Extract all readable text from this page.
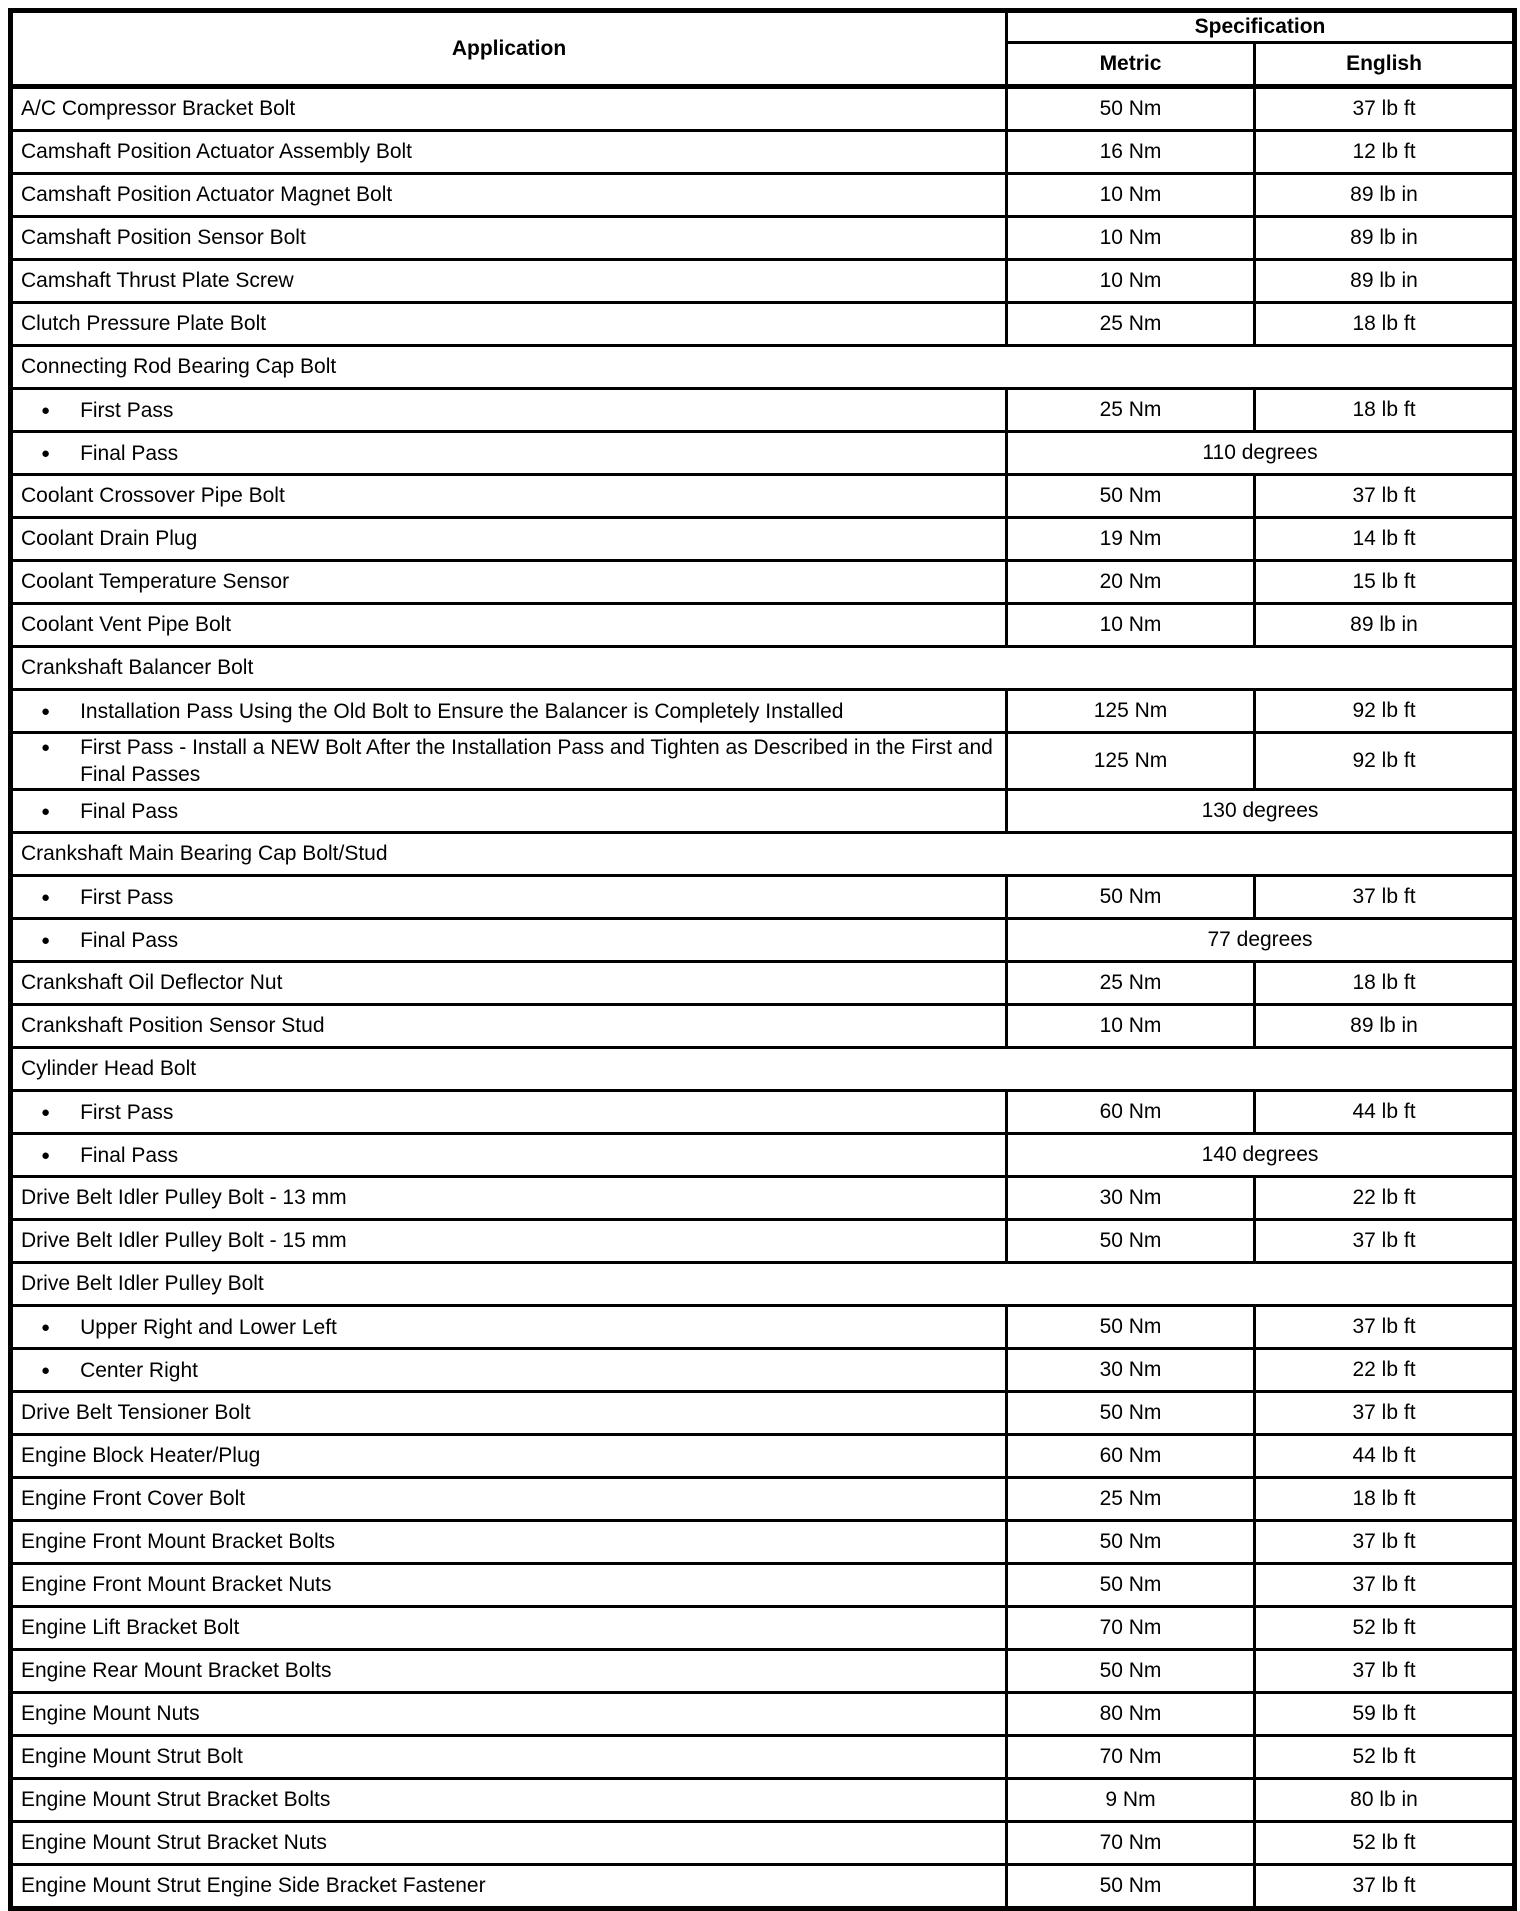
Application	Specification	
	Metric	English
A/C Compressor Bracket Bolt	50 Nm	37 lb ft
Camshaft Position Actuator Assembly Bolt	16 Nm	12 lb ft
Camshaft Position Actuator Magnet Bolt	10 Nm	89 lb in
Camshaft Position Sensor Bolt	10 Nm	89 lb in
Camshaft Thrust Plate Screw	10 Nm	89 lb in
Clutch Pressure Plate Bolt	25 Nm	18 lb ft
Connecting Rod Bearing Cap Bolt		

● First Pass	25 Nm	18 lb ft

● Final Pass	110 degrees	
Coolant Crossover Pipe Bolt	50 Nm	37 lb ft
Coolant Drain Plug	19 Nm	14 lb ft
Coolant Temperature Sensor	20 Nm	15 lb ft
Coolant Vent Pipe Bolt	10 Nm	89 lb in
Crankshaft Balancer Bolt		

● Installation Pass Using the Old Bolt to Ensure the Balancer is Completely Installed	125 Nm	92 lb ft

● First Pass - Install a NEW Bolt After the Installation Pass and Tighten as Described in the First and Final Passes	125 Nm	92 lb ft

● Final Pass	130 degrees	
Crankshaft Main Bearing Cap Bolt/Stud		

● First Pass	50 Nm	37 lb ft

● Final Pass	77 degrees	
Crankshaft Oil Deflector Nut	25 Nm	18 lb ft
Crankshaft Position Sensor Stud	10 Nm	89 lb in
Cylinder Head Bolt		

● First Pass	60 Nm	44 lb ft

● Final Pass	140 degrees	
Drive Belt Idler Pulley Bolt - 13 mm	30 Nm	22 lb ft
Drive Belt Idler Pulley Bolt - 15 mm	50 Nm	37 lb ft
Drive Belt Idler Pulley Bolt		

● Upper Right and Lower Left	50 Nm	37 lb ft

● Center Right	30 Nm	22 lb ft
Drive Belt Tensioner Bolt	50 Nm	37 lb ft
Engine Block Heater/Plug	60 Nm	44 lb ft
Engine Front Cover Bolt	25 Nm	18 lb ft
Engine Front Mount Bracket Bolts	50 Nm	37 lb ft
Engine Front Mount Bracket Nuts	50 Nm	37 lb ft
Engine Lift Bracket Bolt	70 Nm	52 lb ft
Engine Rear Mount Bracket Bolts	50 Nm	37 lb ft
Engine Mount Nuts	80 Nm	59 lb ft
Engine Mount Strut Bolt	70 Nm	52 lb ft
Engine Mount Strut Bracket Bolts	9 Nm	80 lb in
Engine Mount Strut Bracket Nuts	70 Nm	52 lb ft
Engine Mount Strut Engine Side Bracket Fastener	50 Nm	37 lb ft
